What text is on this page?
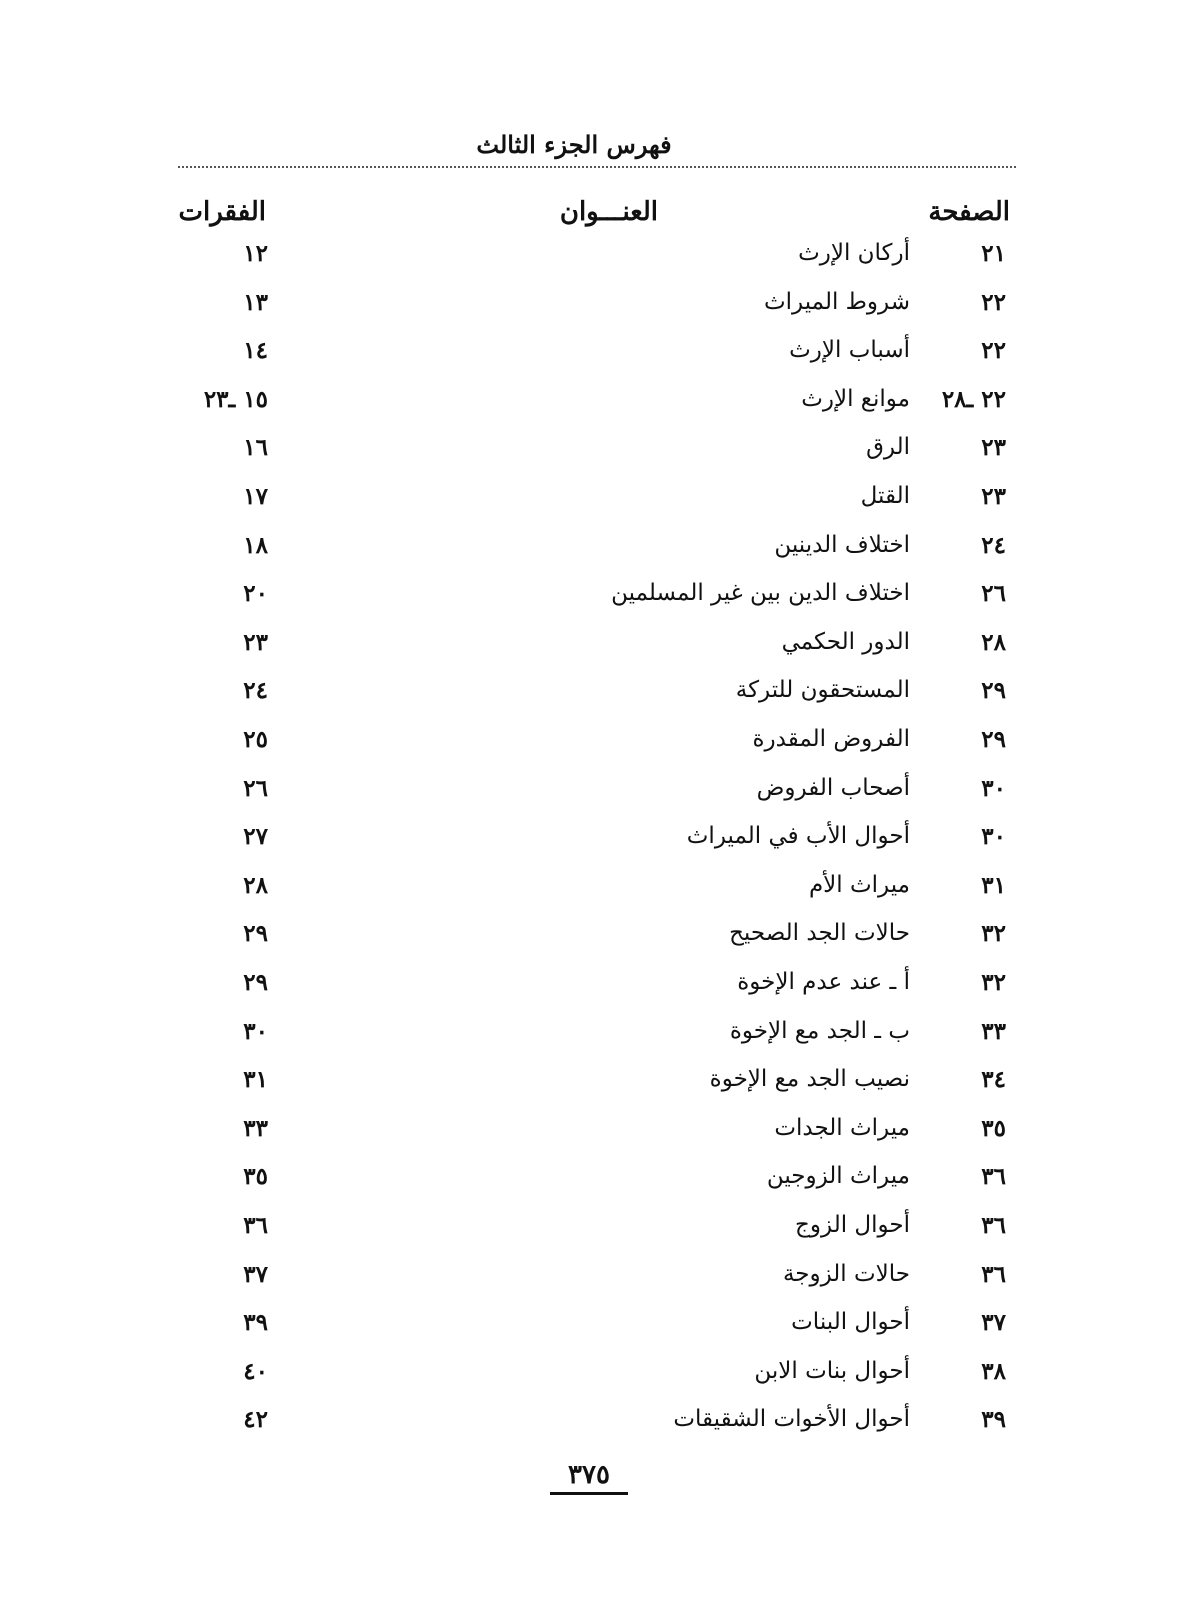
فهرس الجزء الثالث
الصفحة
العنـــوان
الفقرات
٢١
أركان الإرث
١٢
٢٢
شروط الميراث
١٣
٢٢
أسباب الإرث
١٤
٢٢ ـ٢٨
موانع الإرث
١٥ ـ٢٣
٢٣
الرق
١٦
٢٣
القتل
١٧
٢٤
اختلاف الدينين
١٨
٢٦
اختلاف الدين بين غير المسلمين
٢٠
٢٨
الدور الحكمي
٢٣
٢٩
المستحقون للتركة
٢٤
٢٩
الفروض المقدرة
٢٥
٣٠
أصحاب الفروض
٢٦
٣٠
أحوال الأب في الميراث
٢٧
٣١
ميراث الأم
٢٨
٣٢
حالات الجد الصحيح
٢٩
٣٢
أ ـ عند عدم الإخوة
٢٩
٣٣
ب ـ الجد مع الإخوة
٣٠
٣٤
نصيب الجد مع الإخوة
٣١
٣٥
ميراث الجدات
٣٣
٣٦
ميراث الزوجين
٣٥
٣٦
أحوال الزوج
٣٦
٣٦
حالات الزوجة
٣٧
٣٧
أحوال البنات
٣٩
٣٨
أحوال بنات الابن
٤٠
٣٩
أحوال الأخوات الشقيقات
٤٢
٣٧٥
